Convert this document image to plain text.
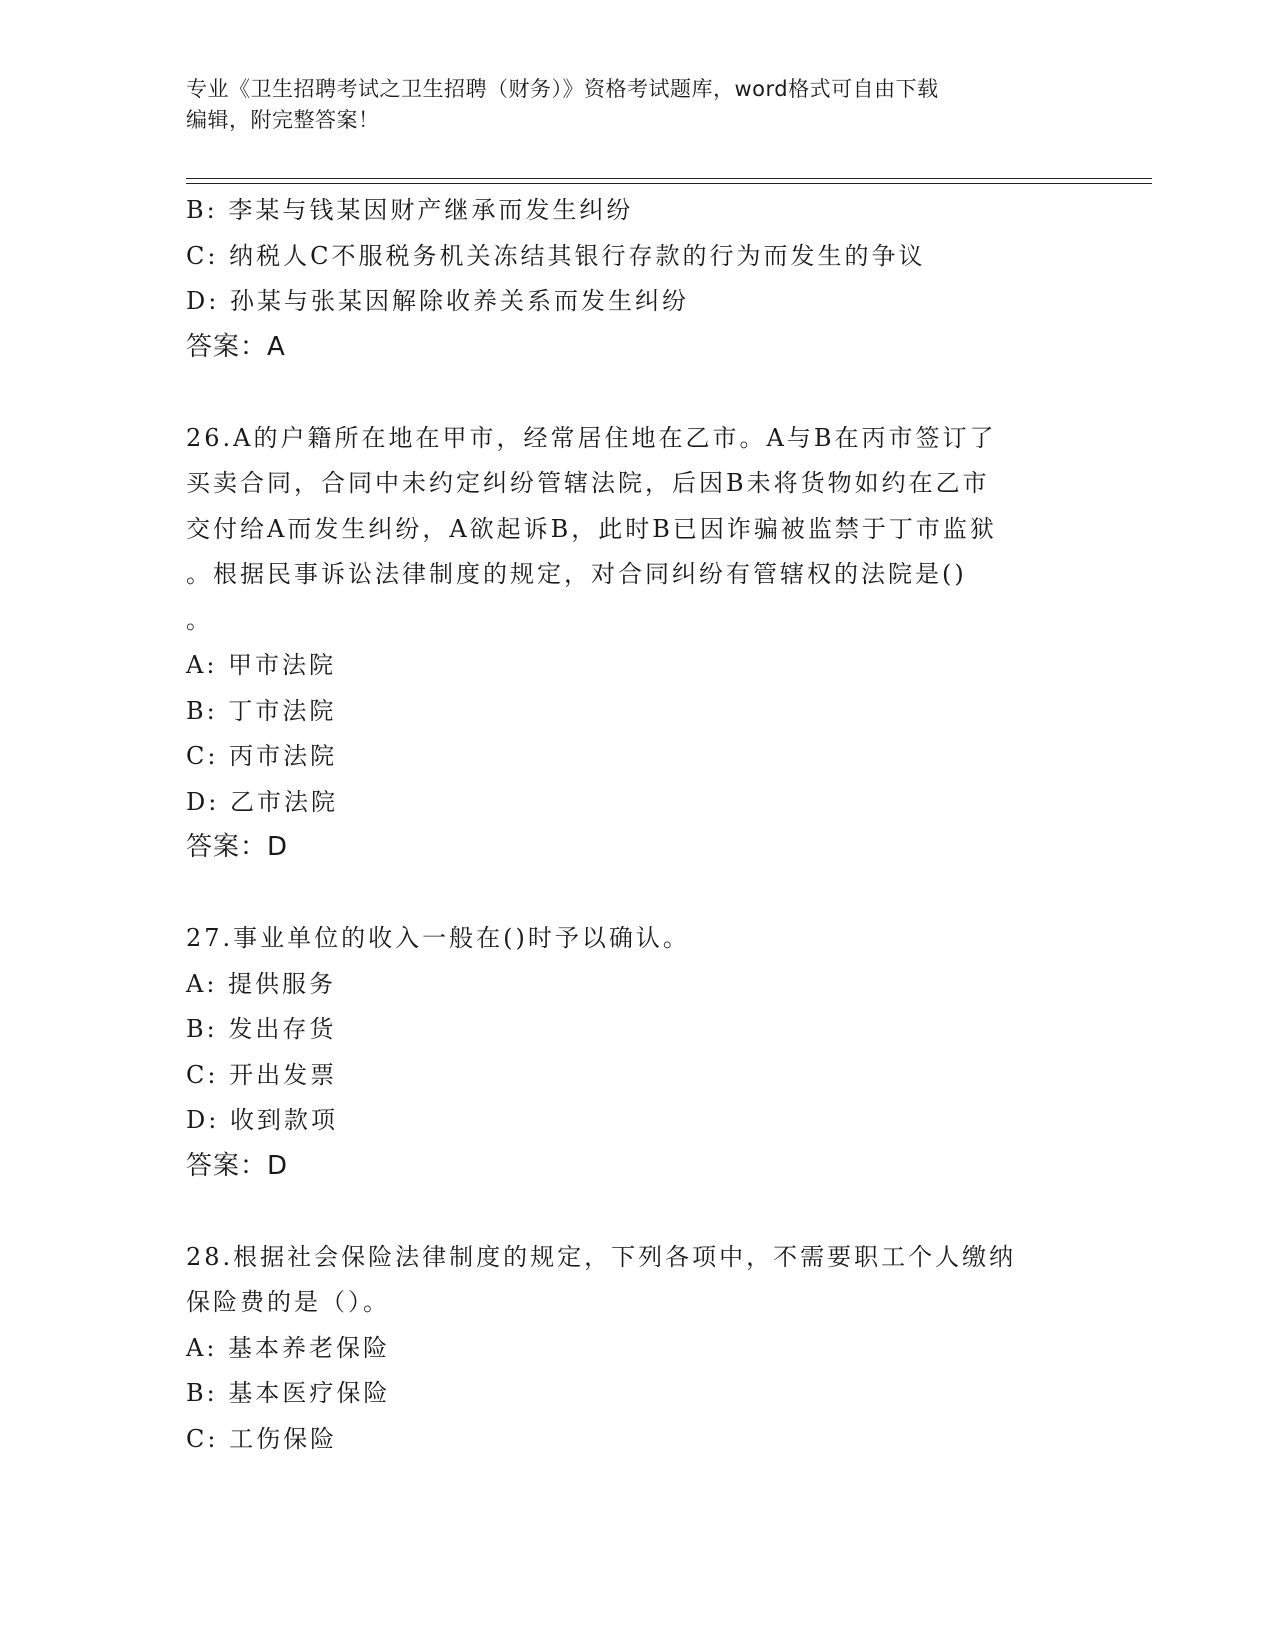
专业《卫生招聘考试之卫生招聘（财务）》资格考试题库，word格式可自由下载
编辑，附完整答案！
B: 李某与钱某因财产继承而发生纠纷
C: 纳税人C不服税务机关冻结其银行存款的行为而发生的争议
D: 孙某与张某因解除收养关系而发生纠纷
答案：A
26.A的户籍所在地在甲市，经常居住地在乙市。A与B在丙市签订了
买卖合同，合同中未约定纠纷管辖法院，后因B未将货物如约在乙市
交付给A而发生纠纷，A欲起诉B，此时B已因诈骗被监禁于丁市监狱
。根据民事诉讼法律制度的规定，对合同纠纷有管辖权的法院是()
。
A: 甲市法院
B: 丁市法院
C: 丙市法院
D: 乙市法院
答案：D
27.事业单位的收入一般在()时予以确认。
A: 提供服务
B: 发出存货
C: 开出发票
D: 收到款项
答案：D
28.根据社会保险法律制度的规定，下列各项中，不需要职工个人缴纳
保险费的是（）。
A: 基本养老保险
B: 基本医疗保险
C: 工伤保险
